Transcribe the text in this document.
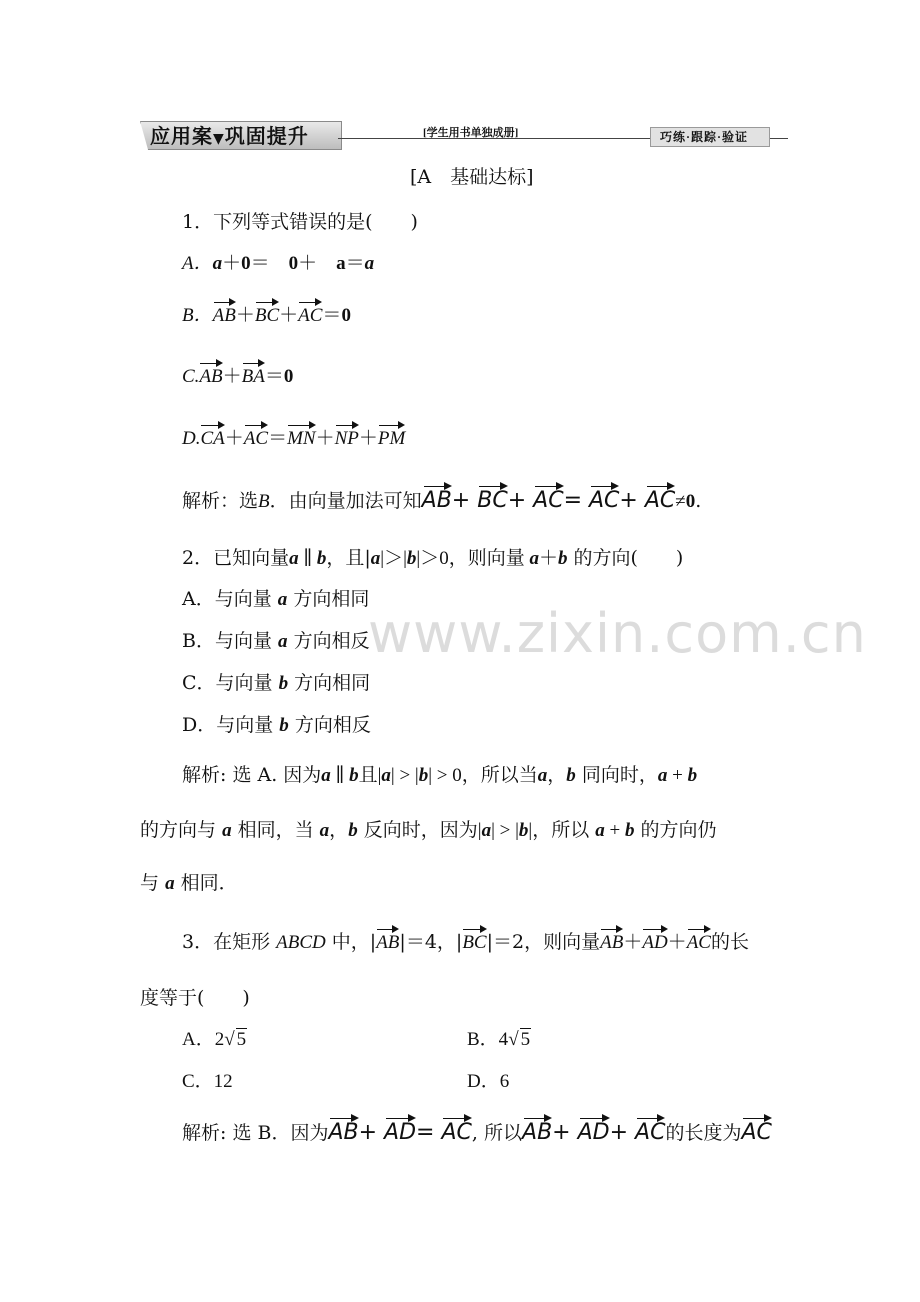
应用案▼巩固提升	[学生用书单独成册]	巧练·跟踪·验证
[A　基础达标]
1．下列等式错误的是(　　)
A．a＋0＝　0＋　a＝a
B．AB＋BC＋AC＝0
C.AB＋BA＝0
D.CA＋AC＝MN＋NP＋PM
解析：选B．由向量加法可知AB+ BC+ AC= AC+ AC≠0.
2．已知向量a ∥ b，且|a|＞|b|＞0，则向量 a＋b 的方向(　　)
A．与向量 a 方向相同
B．与向量 a 方向相反
C．与向量 b 方向相同
D．与向量 b 方向相反
解析: 选 A. 因为a ∥ b且|a| > |b| > 0，所以当a，b 同向时，a + b
的方向与 a 相同，当 a，b 反向时，因为|a| > |b|，所以 a + b 的方向仍
与 a 相同．
3．在矩形 ABCD 中，|AB|＝4，|BC|＝2，则向量AB＋AD＋AC的长
度等于(　　)
A．2√ 5	B．4√ 5
C．12	D．6
解析: 选 B．因为AB+ AD= AC, 所以AB+ AD+ AC的长度为AC
www.zixin.com.cn
